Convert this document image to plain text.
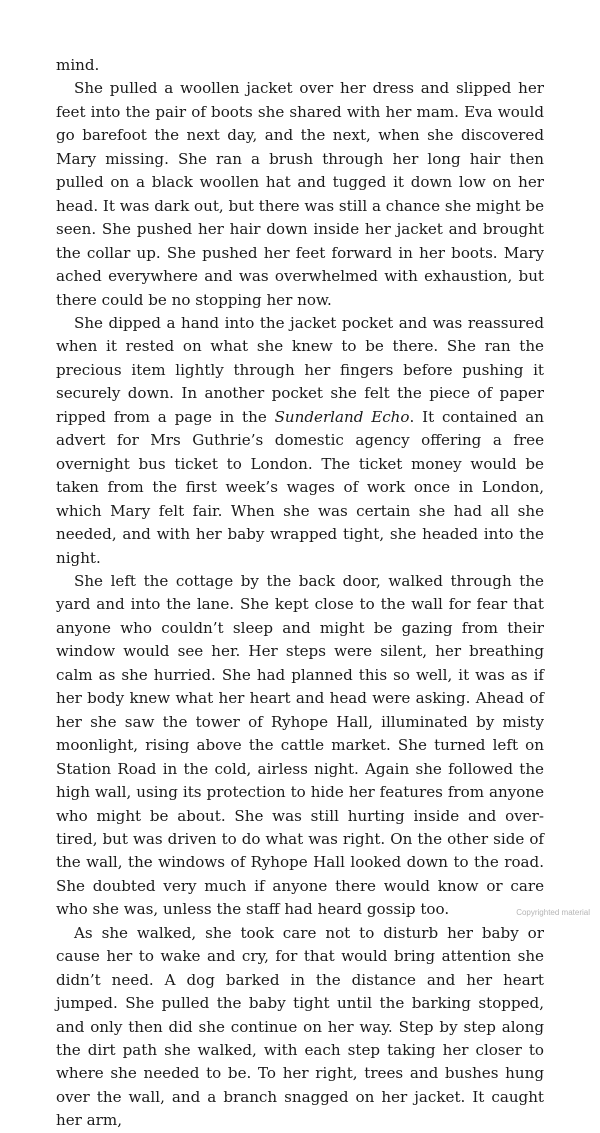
mind.

She pulled a woollen jacket over her dress and slipped her feet into the pair of boots she shared with her mam. Eva would go barefoot the next day, and the next, when she discovered Mary missing. She ran a brush through her long hair then pulled on a black woollen hat and tugged it down low on her head. It was dark out, but there was still a chance she might be seen. She pushed her hair down inside her jacket and brought the collar up. She pushed her feet forward in her boots. Mary ached everywhere and was overwhelmed with exhaustion, but there could be no stopping her now.

She dipped a hand into the jacket pocket and was reassured when it rested on what she knew to be there. She ran the precious item lightly through her fingers before pushing it securely down. In another pocket she felt the piece of paper ripped from a page in the Sunderland Echo. It contained an advert for Mrs Guthrie’s domestic agency offering a free overnight bus ticket to London. The ticket money would be taken from the first week’s wages of work once in London, which Mary felt fair. When she was certain she had all she needed, and with her baby wrapped tight, she headed into the night.

She left the cottage by the back door, walked through the yard and into the lane. She kept close to the wall for fear that anyone who couldn’t sleep and might be gazing from their window would see her. Her steps were silent, her breathing calm as she hurried. She had planned this so well, it was as if her body knew what her heart and head were asking. Ahead of her she saw the tower of Ryhope Hall, illuminated by misty moonlight, rising above the cattle market. She turned left on Station Road in the cold, airless night. Again she followed the high wall, using its protection to hide her features from anyone who might be about. She was still hurting inside and over-tired, but was driven to do what was right. On the other side of the wall, the windows of Ryhope Hall looked down to the road. She doubted very much if anyone there would know or care who she was, unless the staff had heard gossip too.

As she walked, she took care not to disturb her baby or cause her to wake and cry, for that would bring attention she didn’t need. A dog barked in the distance and her heart jumped. She pulled the baby tight until the barking stopped, and only then did she continue on her way. Step by step along the dirt path she walked, with each step taking her closer to where she needed to be. To her right, trees and bushes hung over the wall, and a branch snagged on her jacket. It caught her arm,

Copyrighted material
